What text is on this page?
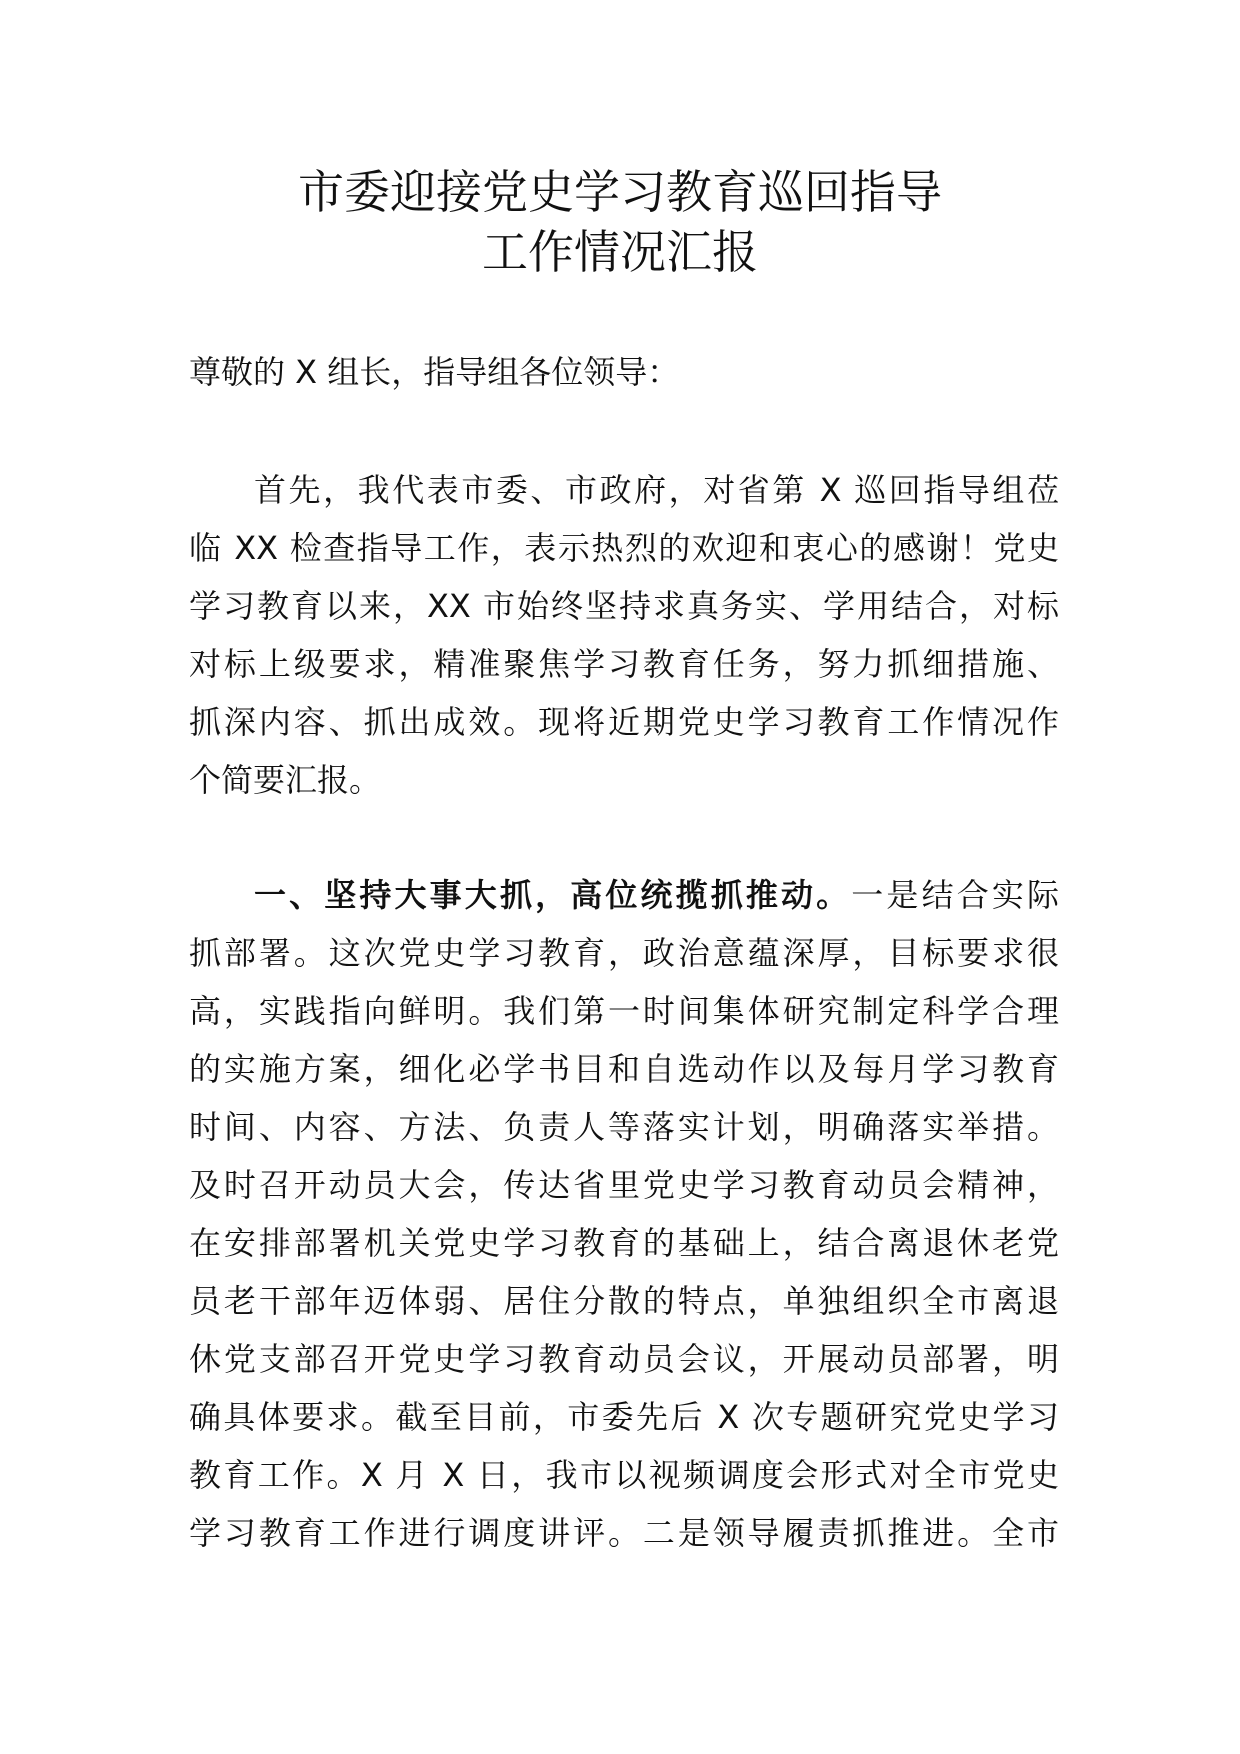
市委迎接党史学习教育巡回指导
工作情况汇报

尊敬的 X 组长，指导组各位领导：

首先，我代表市委、市政府，对省第 X 巡回指导组莅
临 XX 检查指导工作，表示热烈的欢迎和衷心的感谢！党史
学习教育以来，XX 市始终坚持求真务实、学用结合，对标
对标上级要求，精准聚焦学习教育任务，努力抓细措施、
抓深内容、抓出成效。现将近期党史学习教育工作情况作
个简要汇报。
一、坚持大事大抓，高位统揽抓推动。一是结合实际
抓部署。这次党史学习教育，政治意蕴深厚，目标要求很
高，实践指向鲜明。我们第一时间集体研究制定科学合理
的实施方案，细化必学书目和自选动作以及每月学习教育
时间、内容、方法、负责人等落实计划，明确落实举措。
及时召开动员大会，传达省里党史学习教育动员会精神，
在安排部署机关党史学习教育的基础上，结合离退休老党
员老干部年迈体弱、居住分散的特点，单独组织全市离退
休党支部召开党史学习教育动员会议，开展动员部署，明
确具体要求。截至目前，市委先后 X 次专题研究党史学习
教育工作。X 月 X 日，我市以视频调度会形式对全市党史
学习教育工作进行调度讲评。二是领导履责抓推进。全市
